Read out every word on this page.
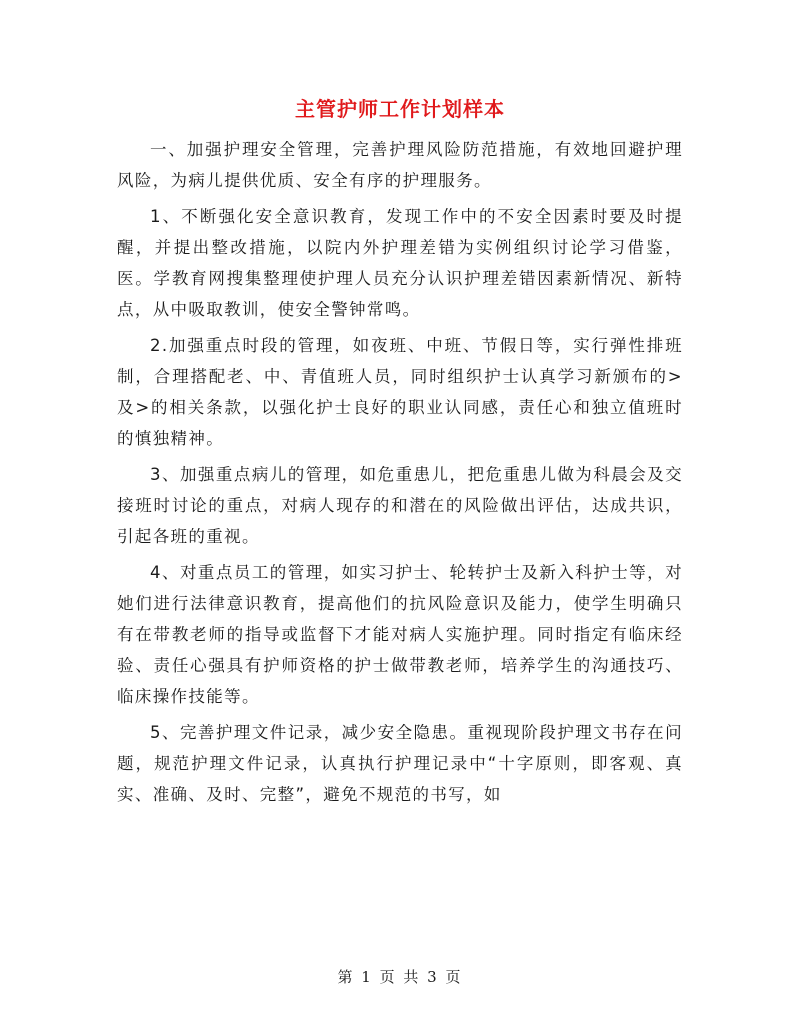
主管护师工作计划样本

一、加强护理安全管理，完善护理风险防范措施，有效地回避护理风险，为病儿提供优质、安全有序的护理服务。

1、不断强化安全意识教育，发现工作中的不安全因素时要及时提醒，并提出整改措施，以院内外护理差错为实例组织讨论学习借鉴，医。学教育网搜集整理使护理人员充分认识护理差错因素新情况、新特点，从中吸取教训，使安全警钟常鸣。

2.加强重点时段的管理，如夜班、中班、节假日等，实行弹性排班制，合理搭配老、中、青值班人员，同时组织护士认真学习新颁布的>及>的相关条款，以强化护士良好的职业认同感，责任心和独立值班时的慎独精神。

3、加强重点病儿的管理，如危重患儿，把危重患儿做为科晨会及交接班时讨论的重点，对病人现存的和潜在的风险做出评估，达成共识，引起各班的重视。

4、对重点员工的管理，如实习护士、轮转护士及新入科护士等，对她们进行法律意识教育，提高他们的抗风险意识及能力，使学生明确只有在带教老师的指导或监督下才能对病人实施护理。同时指定有临床经验、责任心强具有护师资格的护士做带教老师，培养学生的沟通技巧、临床操作技能等。

5、完善护理文件记录，减少安全隐患。重视现阶段护理文书存在问题，规范护理文件记录，认真执行护理记录中“十字原则，即客观、真实、准确、及时、完整”，避免不规范的书写，如

第 1 页 共 3 页
